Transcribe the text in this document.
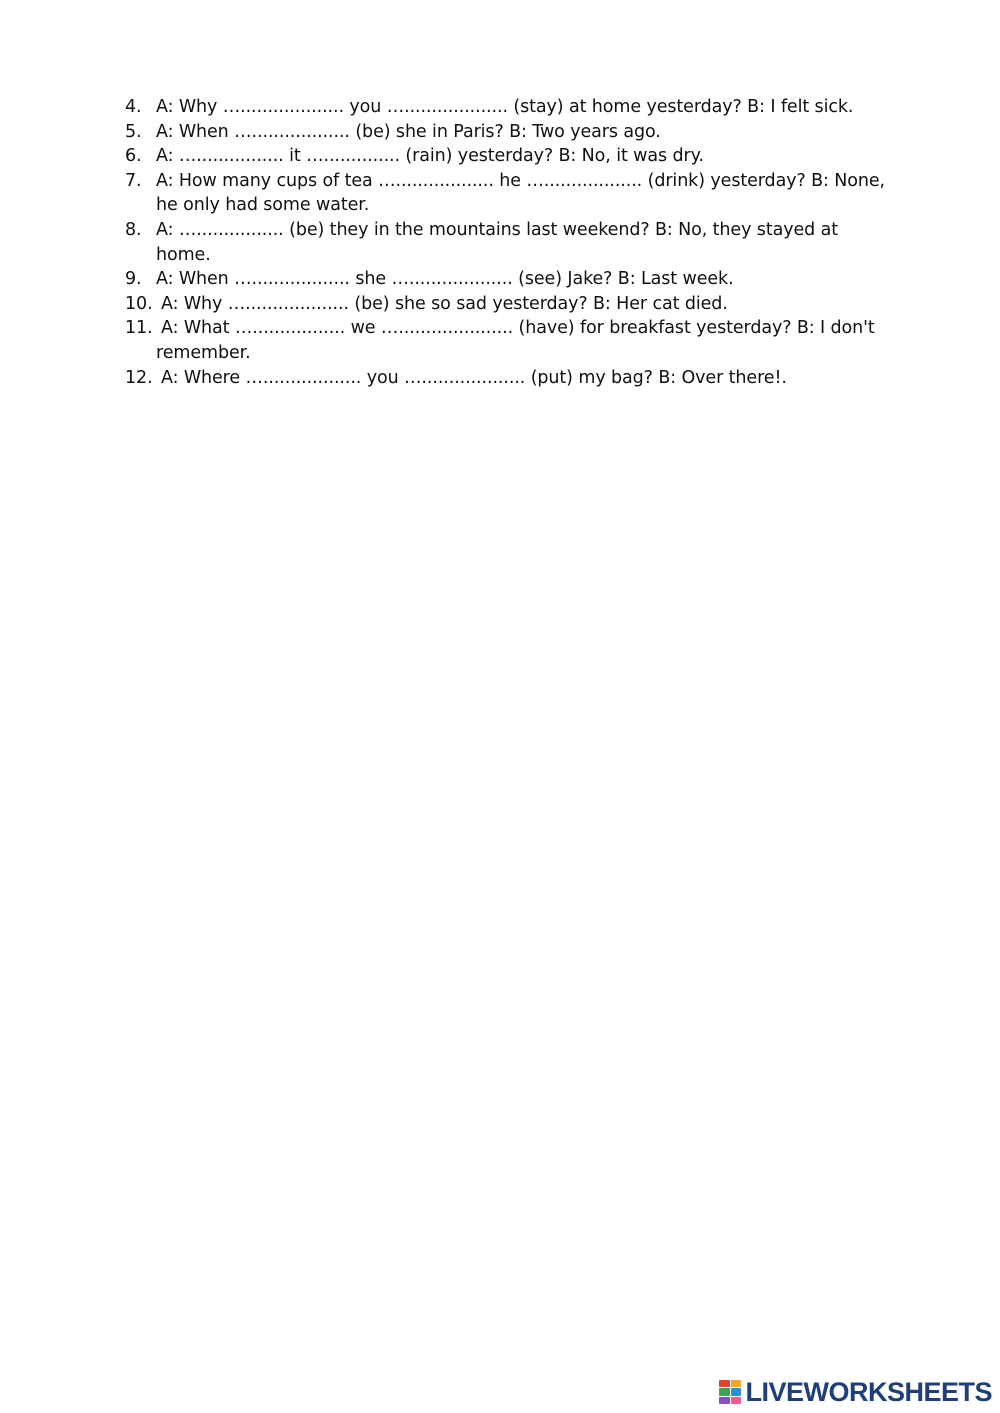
4. A: Why …................... you …................... (stay) at home yesterday? B: I felt sick.
5. A: When ….................. (be) she in Paris? B: Two years ago.
6. A: …................ it ….............. (rain) yesterday? B: No, it was dry.
7. A: How many cups of tea ….................. he ….................. (drink) yesterday? B: None, he only had some water.
8. A: …................ (be) they in the mountains last weekend? B: No, they stayed at home.
9. A: When ….................. she …................... (see) Jake? B: Last week.
10. A: Why …................... (be) she so sad yesterday? B: Her cat died.
11. A: What …................. we …..................... (have) for breakfast yesterday? B: I don't remember.
12. A: Where ….................. you …................... (put) my bag? B: Over there!.
LIVEWORKSHEETS
